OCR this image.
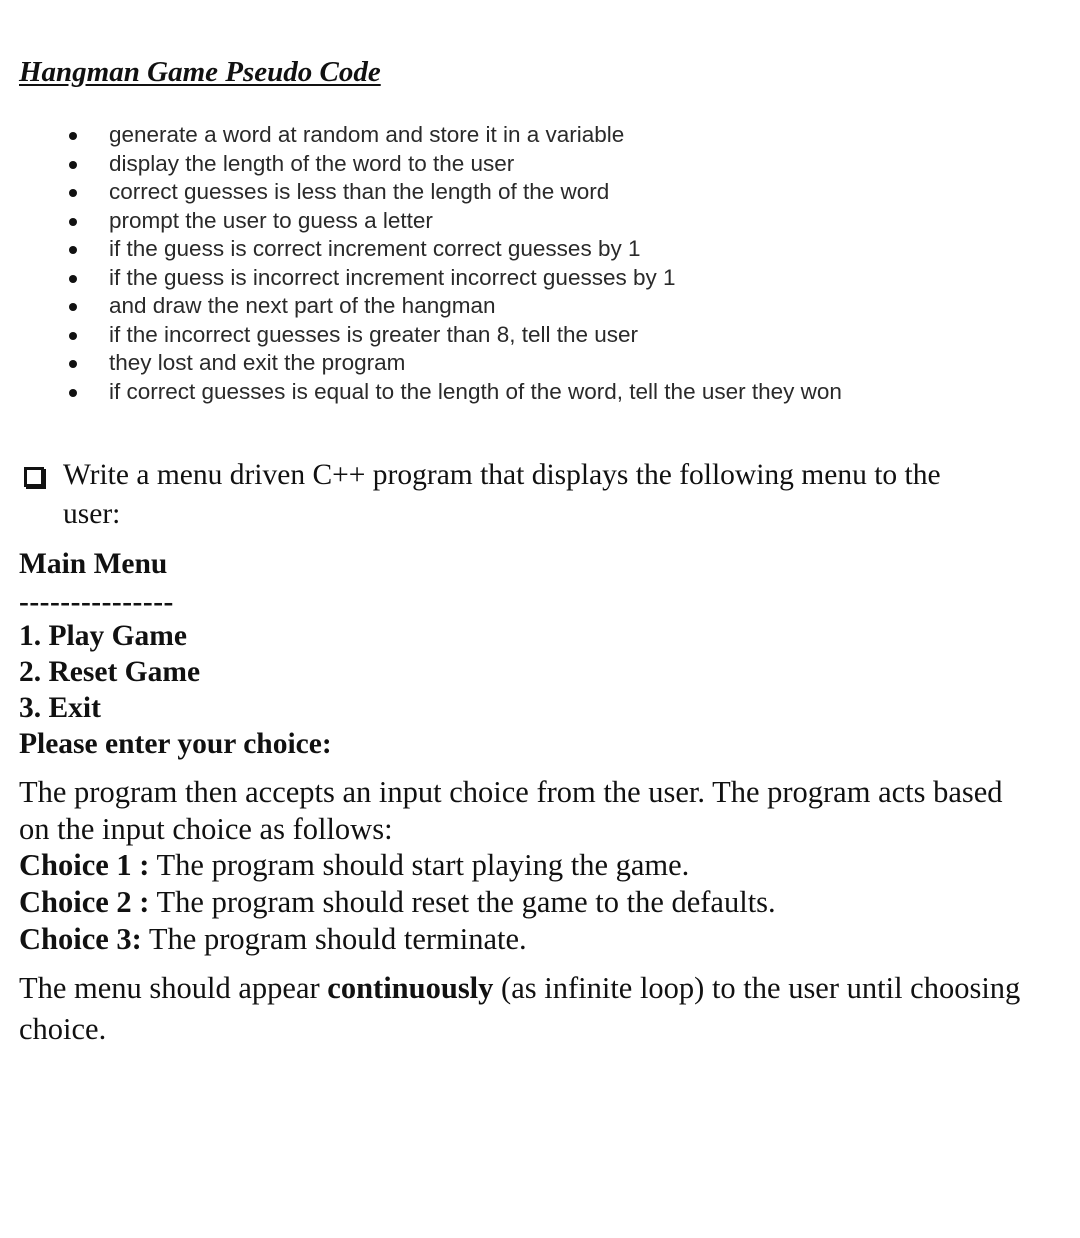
Hangman Game Pseudo Code
generate a word at random and store it in a variable
display the length of the word to the user
correct guesses is less than the length of the word
prompt the user to guess a letter
if the guess is correct increment correct guesses by 1
if the guess is incorrect increment incorrect guesses by 1
and draw the next part of the hangman
if the incorrect guesses is greater than 8, tell the user
they lost and exit the program
if correct guesses is equal to the length of the word, tell the user they won
Write a menu driven C++ program that displays the following menu to the
user:
Main Menu
---------------
1. Play Game
2. Reset Game
3. Exit
Please enter your choice:
The program then accepts an input choice from the user. The program acts based
on the input choice as follows:
Choice 1 : The program should start playing the game.
Choice 2 : The program should reset the game to the defaults.
Choice 3: The program should terminate.
The menu should appear continuously (as infinite loop) to the user until choosing
choice.
